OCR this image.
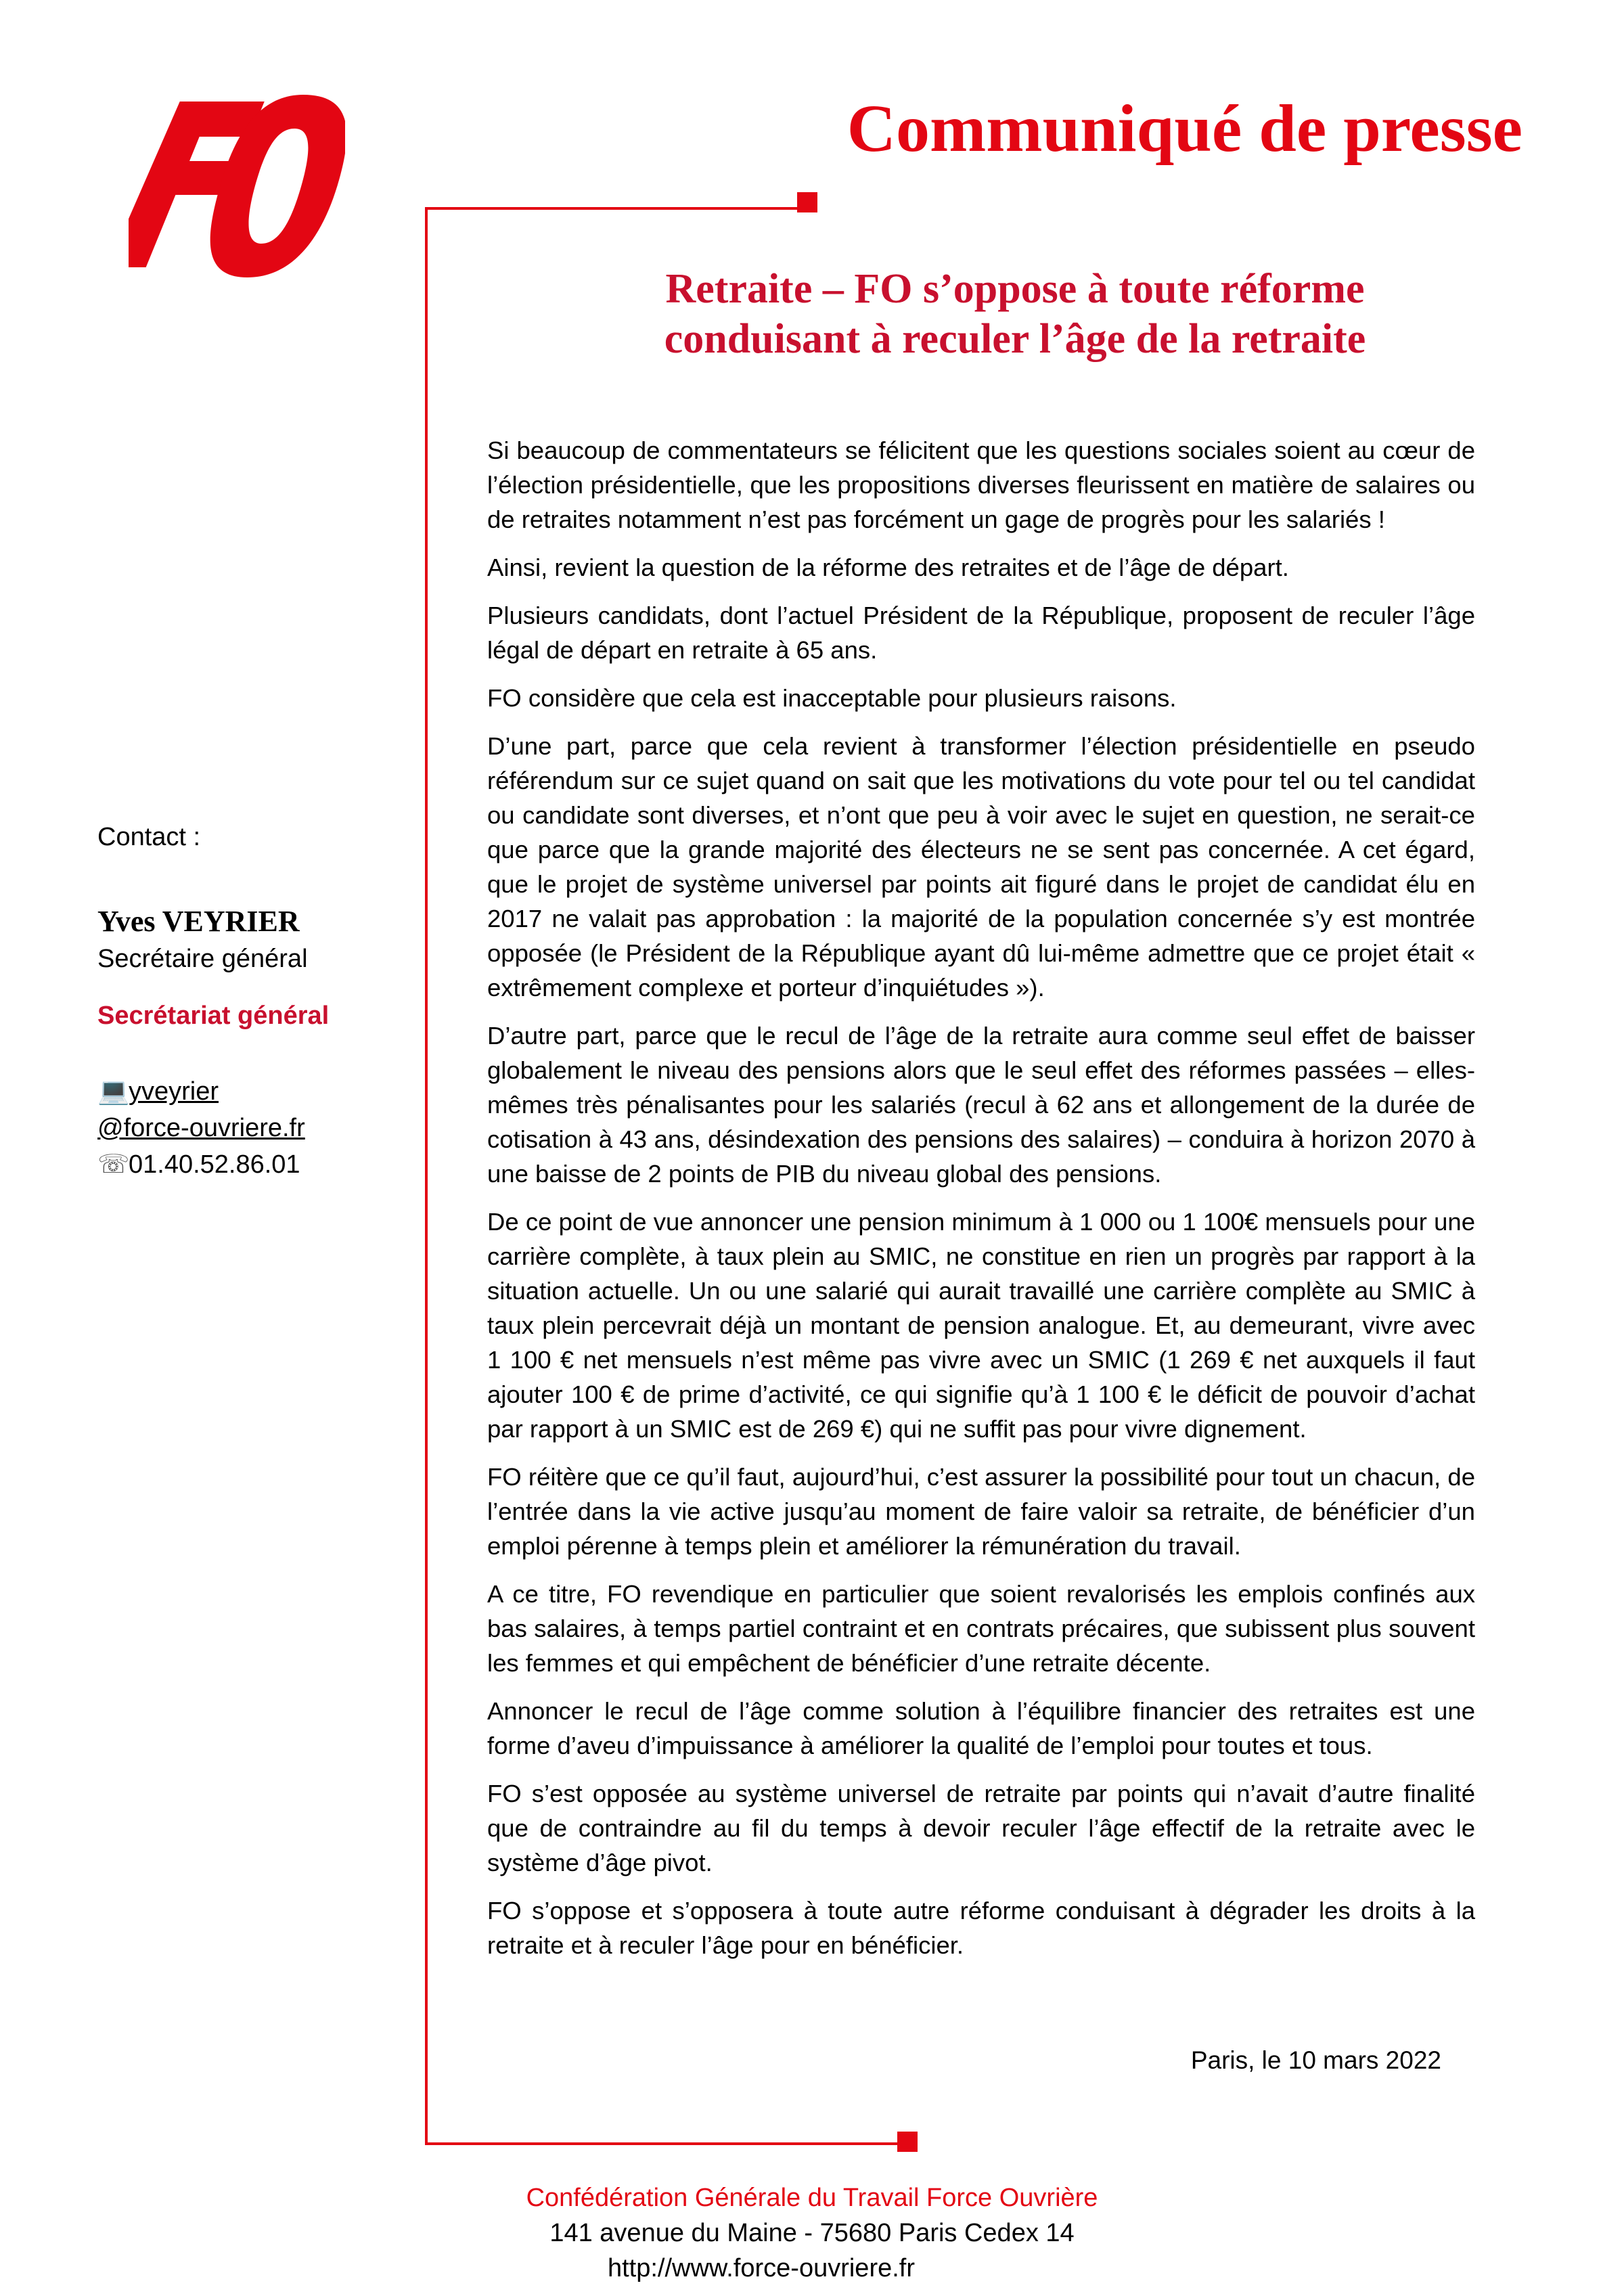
Communiqué de presse
Retraite – FO s’oppose à toute réforme
conduisant à reculer l’âge de la retraite

Contact :

Yves VEYRIER

Secrétaire général

Secrétariat général

💻yveyrier

@force-ouvriere.fr

☏01.40.52.86.01

Si beaucoup de commentateurs se félicitent que les questions sociales soient au cœur de l’élection présidentielle, que les propositions diverses fleurissent en matière de salaires ou de retraites notamment n’est pas forcément un gage de progrès pour les salariés !

Ainsi, revient la question de la réforme des retraites et de l’âge de départ.

Plusieurs candidats, dont l’actuel Président de la République, proposent de reculer l’âge légal de départ en retraite à 65 ans.

FO considère que cela est inacceptable pour plusieurs raisons.

D’une part, parce que cela revient à transformer l’élection présidentielle en pseudo référendum sur ce sujet quand on sait que les motivations du vote pour tel ou tel candidat ou candidate sont diverses, et n’ont que peu à voir avec le sujet en question, ne serait-ce que parce que la grande majorité des électeurs ne se sent pas concernée. A cet égard, que le projet de système universel par points ait figuré dans le projet de candidat élu en 2017 ne valait pas approbation : la majorité de la population concernée s’y est montrée opposée (le Président de la République ayant dû lui-même admettre que ce projet était « extrêmement complexe et porteur d’inquiétudes »).

D’autre part, parce que le recul de l’âge de la retraite aura comme seul effet de baisser globalement le niveau des pensions alors que le seul effet des réformes passées – elles-mêmes très pénalisantes pour les salariés (recul à 62 ans et allongement de la durée de cotisation à 43 ans, désindexation des pensions des salaires) – conduira à horizon 2070 à une baisse de 2 points de PIB du niveau global des pensions.

De ce point de vue annoncer une pension minimum à 1 000 ou 1 100€ mensuels pour une carrière complète, à taux plein au SMIC, ne constitue en rien un progrès par rapport à la situation actuelle. Un ou une salarié qui aurait travaillé une carrière complète au SMIC à taux plein percevrait déjà un montant de pension analogue. Et, au demeurant, vivre avec 1 100 € net mensuels n’est même pas vivre avec un SMIC (1 269 € net auxquels il faut ajouter 100 € de prime d’activité, ce qui signifie qu’à 1 100 € le déficit de pouvoir d’achat par rapport à un SMIC est de 269 €) qui ne suffit pas pour vivre dignement.

FO réitère que ce qu’il faut, aujourd’hui, c’est assurer la possibilité pour tout un chacun, de l’entrée dans la vie active jusqu’au moment de faire valoir sa retraite, de bénéficier d’un emploi pérenne à temps plein et améliorer la rémunération du travail.

A ce titre, FO revendique en particulier que soient revalorisés les emplois confinés aux bas salaires, à temps partiel contraint et en contrats précaires, que subissent plus souvent les femmes et qui empêchent de bénéficier d’une retraite décente.

Annoncer le recul de l’âge comme solution à l’équilibre financier des retraites est une forme d’aveu d’impuissance à améliorer la qualité de l’emploi pour toutes et tous.

FO s’est opposée au système universel de retraite par points qui n’avait d’autre finalité que de contraindre au fil du temps à devoir reculer l’âge effectif de la retraite avec le système d’âge pivot.

FO s’oppose et s’opposera à toute autre réforme conduisant à dégrader les droits à la retraite et à reculer l’âge pour en bénéficier.

Paris, le 10 mars 2022

Confédération Générale du Travail Force Ouvrière

141 avenue du Maine - 75680 Paris Cedex 14

http://www.force-ouvriere.fr
